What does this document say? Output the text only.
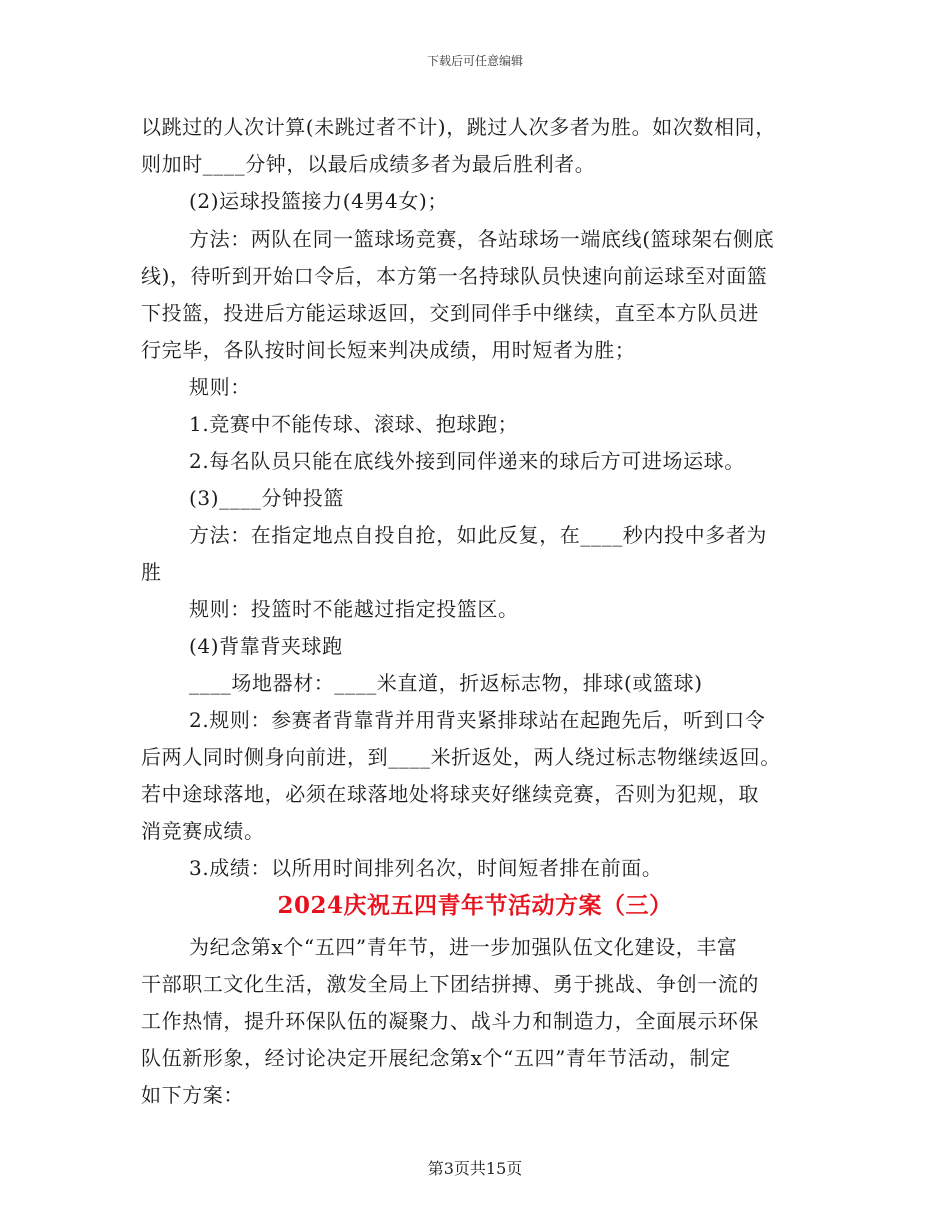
下载后可任意编辑
以跳过的人次计算(未跳过者不计)，跳过人次多者为胜。如次数相同，
则加时____分钟，以最后成绩多者为最后胜利者。
(2)运球投篮接力(4男4女)；
方法：两队在同一篮球场竞赛，各站球场一端底线(篮球架右侧底
线)，待听到开始口令后，本方第一名持球队员快速向前运球至对面篮
下投篮，投进后方能运球返回，交到同伴手中继续，直至本方队员进
行完毕，各队按时间长短来判决成绩，用时短者为胜；
规则：
1.竞赛中不能传球、滚球、抱球跑；
2.每名队员只能在底线外接到同伴递来的球后方可进场运球。
(3)____分钟投篮
方法：在指定地点自投自抢，如此反复，在____秒内投中多者为
胜
规则：投篮时不能越过指定投篮区。
(4)背靠背夹球跑
____场地器材：____米直道，折返标志物，排球(或篮球)
2.规则：参赛者背靠背并用背夹紧排球站在起跑先后，听到口令
后两人同时侧身向前进，到____米折返处，两人绕过标志物继续返回。
若中途球落地，必须在球落地处将球夹好继续竞赛，否则为犯规，取
消竞赛成绩。
3.成绩：以所用时间排列名次，时间短者排在前面。
2024庆祝五四青年节活动方案（三）
为纪念第x个“五四”青年节，进一步加强队伍文化建设，丰富
干部职工文化生活，激发全局上下团结拼搏、勇于挑战、争创一流的
工作热情，提升环保队伍的凝聚力、战斗力和制造力，全面展示环保
队伍新形象，经讨论决定开展纪念第x个“五四”青年节活动，制定
如下方案：
第3页共15页
